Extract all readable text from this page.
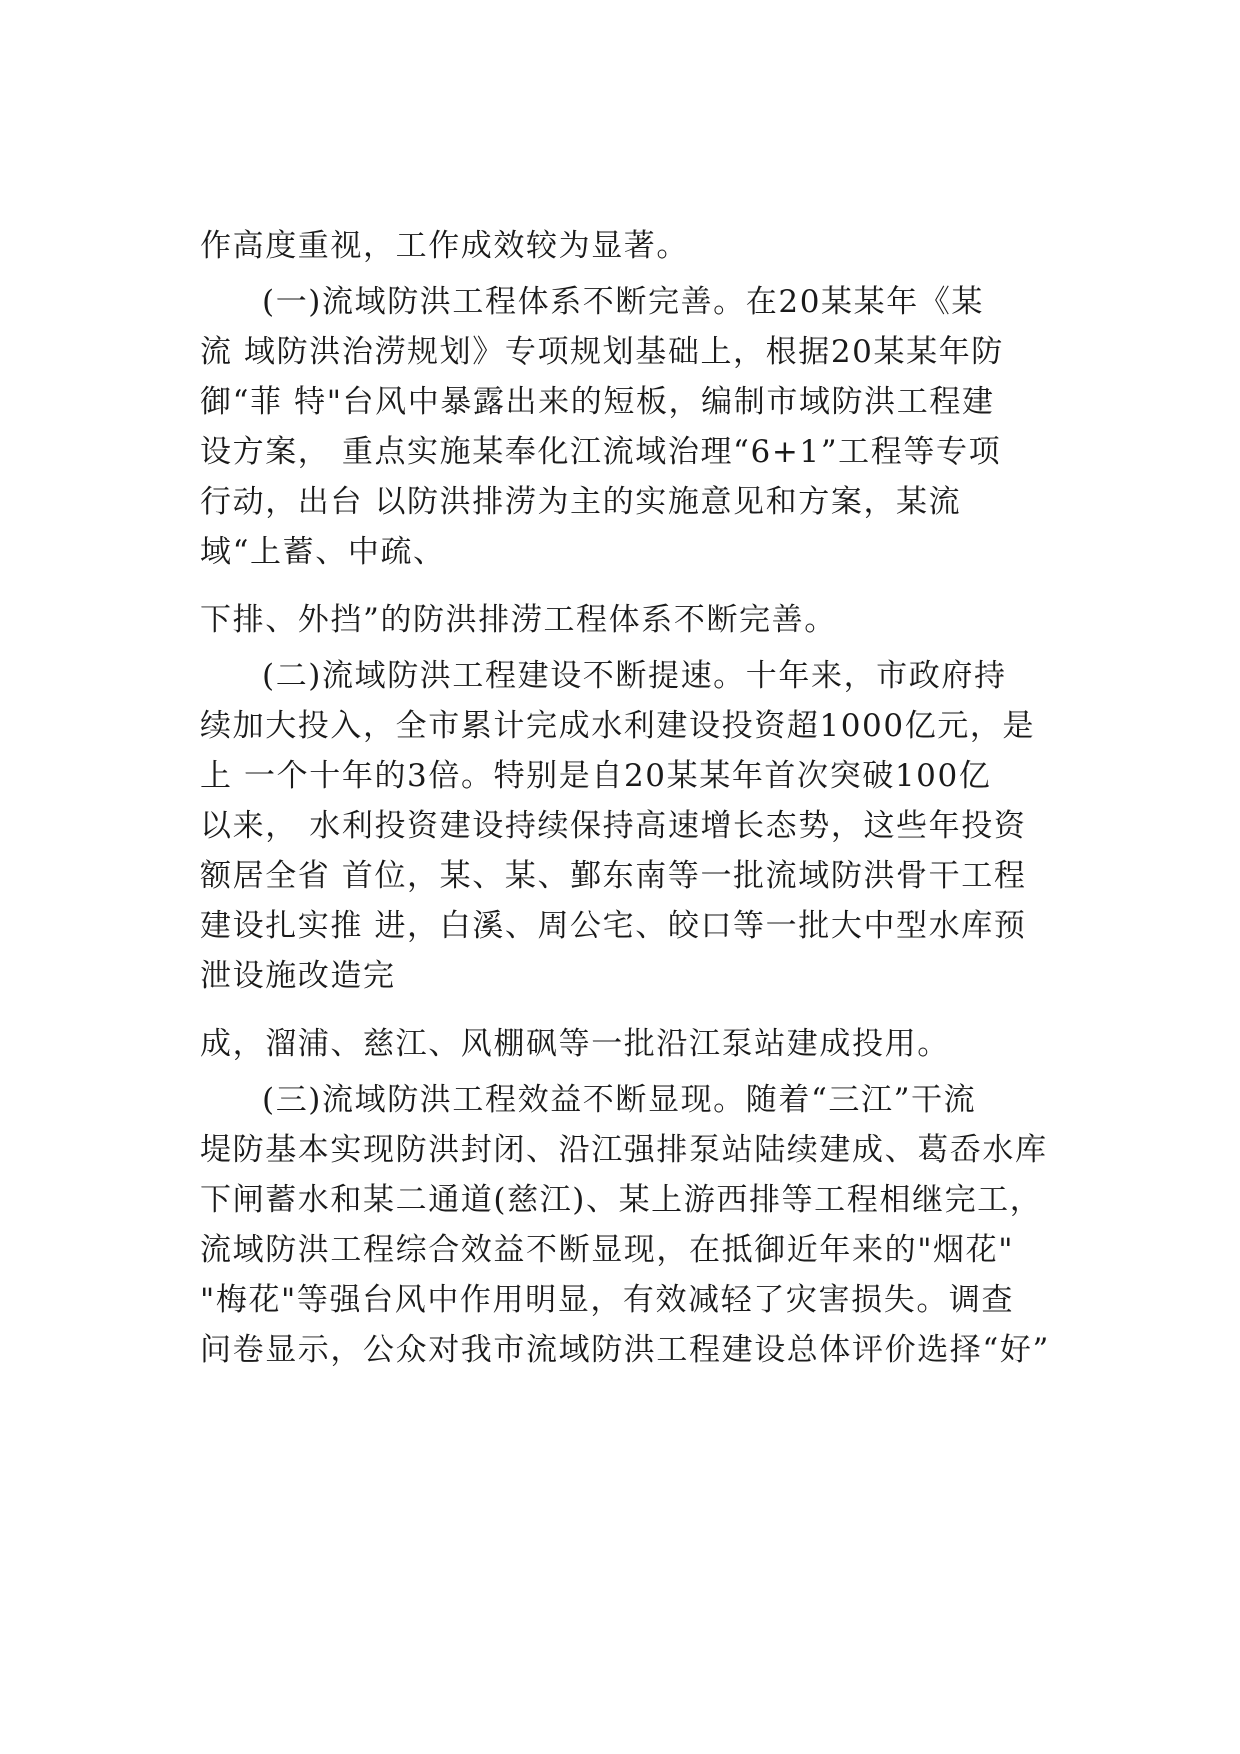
作高度重视，工作成效较为显著。
(一)流域防洪工程体系不断完善。在20某某年《某
流 域防洪治涝规划》专项规划基础上，根据20某某年防
御“菲 特"台风中暴露出来的短板，编制市域防洪工程建
设方案， 重点实施某奉化江流域治理“6+1”工程等专项
行动，出台 以防洪排涝为主的实施意见和方案，某流
域“上蓄、中疏、
下排、外挡”的防洪排涝工程体系不断完善。
(二)流域防洪工程建设不断提速。十年来，市政府持
续加大投入，全市累计完成水利建设投资超1000亿元，是
上 一个十年的3倍。特别是自20某某年首次突破100亿
以来， 水利投资建设持续保持高速增长态势，这些年投资
额居全省 首位，某、某、鄞东南等一批流域防洪骨干工程
建设扎实推 进，白溪、周公宅、皎口等一批大中型水库预
泄设施改造完
成，溜浦、慈江、风棚砜等一批沿江泵站建成投用。
(三)流域防洪工程效益不断显现。随着“三江”干流
堤防基本实现防洪封闭、沿江强排泵站陆续建成、葛岙水库
下闸蓄水和某二通道(慈江)、某上游西排等工程相继完工，
流域防洪工程综合效益不断显现，在抵御近年来的"烟花"
"梅花"等强台风中作用明显，有效减轻了灾害损失。调查
问卷显示，公众对我市流域防洪工程建设总体评价选择“好”
